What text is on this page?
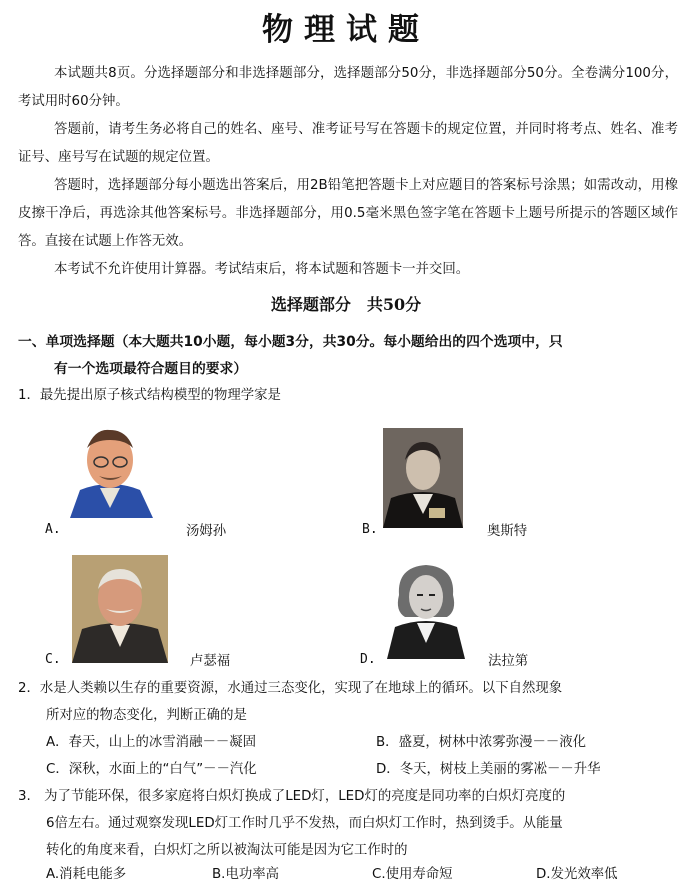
物理试题
本试题共8页。分选择题部分和非选择题部分，选择题部分50分，非选择题部分50分。全卷满分100分，考试用时60分钟。
答题前，请考生务必将自己的姓名、座号、准考证号写在答题卡的规定位置，并同时将考点、姓名、准考证号、座号写在试题的规定位置。
答题时，选择题部分每小题选出答案后，用2B铅笔把答题卡上对应题目的答案标号涂黑；如需改动，用橡皮擦干净后，再选涂其他答案标号。非选择题部分，用0.5毫米黑色签字笔在答题卡上题号所提示的答题区域作答。直接在试题上作答无效。
本考试不允许使用计算器。考试结束后，将本试题和答题卡一并交回。
选择题部分　共50分
一、单项选择题（本大题共10小题，每小题3分，共30分。每小题给出的四个选项中，只
有一个选项最符合题目的要求）
1．最先提出原子核式结构模型的物理学家是
A.	汤姆孙	B.	奥斯特
C.	卢瑟福	D.	法拉第
2．水是人类赖以生存的重要资源，水通过三态变化，实现了在地球上的循环。以下自然现象
所对应的物态变化，判断正确的是
A．春天，山上的冰雪消融－－凝固	B．盛夏，树林中浓雾弥漫－－液化
C．深秋，水面上的“白气”－－汽化	D．冬天，树枝上美丽的雾凇－－升华
3.　为了节能环保，很多家庭将白炽灯换成了LED灯，LED灯的亮度是同功率的白炽灯亮度的
6倍左右。通过观察发现LED灯工作时几乎不发热，而白炽灯工作时，热到烫手。从能量
转化的角度来看，白炽灯之所以被淘汰可能是因为它工作时的
A.消耗电能多	B.电功率高	C.使用寿命短	D.发光效率低
